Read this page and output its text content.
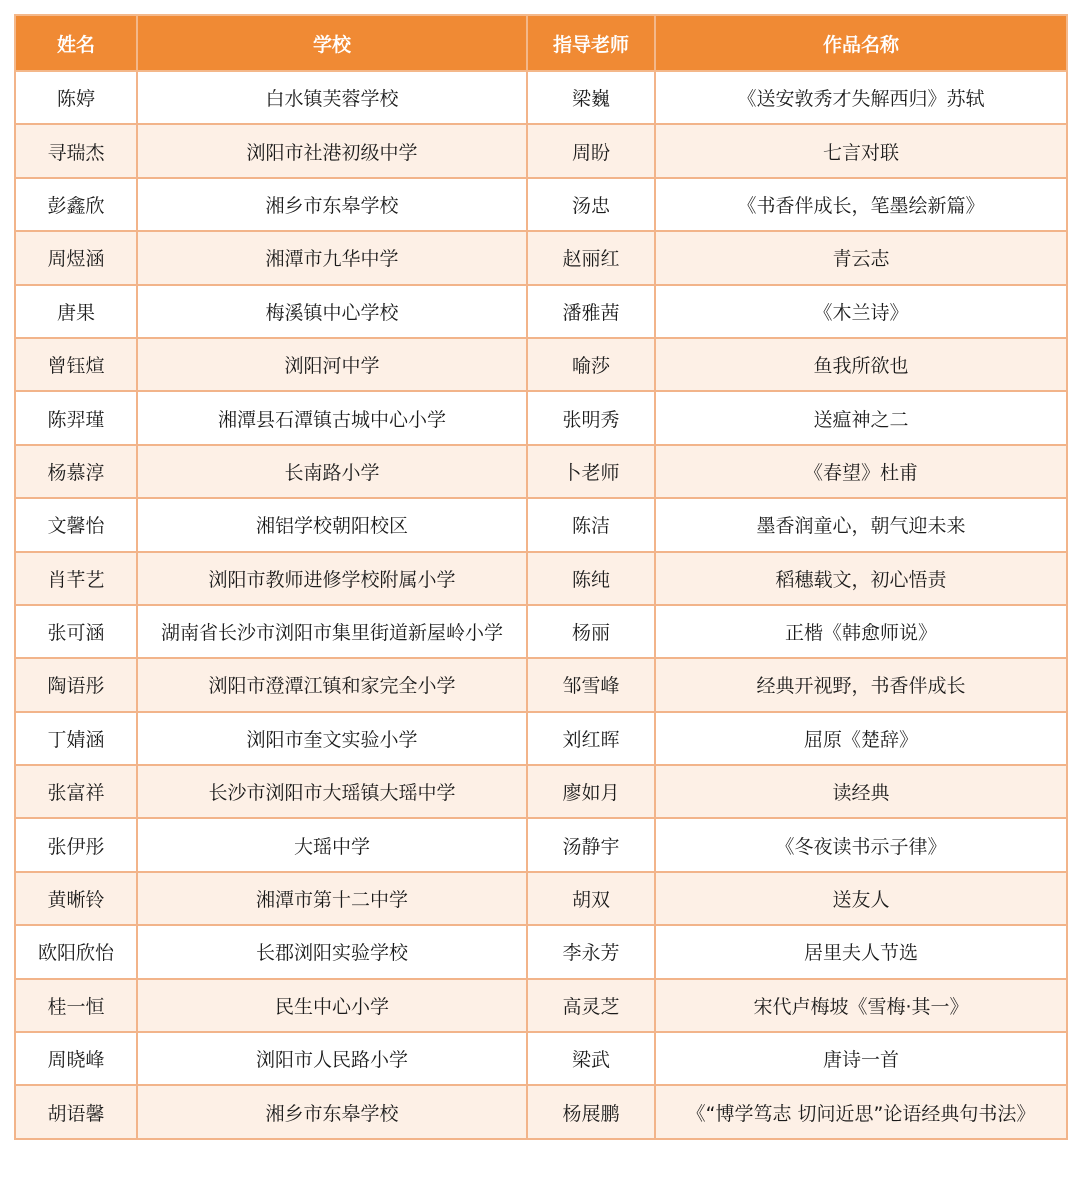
姓名	学校	指导老师	作品名称
陈婷	白水镇芙蓉学校	梁巍	《送安敦秀才失解西归》苏轼
寻瑞杰	浏阳市社港初级中学	周盼	七言对联
彭鑫欣	湘乡市东皋学校	汤忠	《书香伴成长，笔墨绘新篇》
周煜涵	湘潭市九华中学	赵丽红	青云志
唐果	梅溪镇中心学校	潘雅茜	《木兰诗》
曾钰煊	浏阳河中学	喻莎	鱼我所欲也
陈羿瑾	湘潭县石潭镇古城中心小学	张明秀	送瘟神之二
杨慕淳	长南路小学	卜老师	《春望》杜甫
文馨怡	湘铝学校朝阳校区	陈洁	墨香润童心，朝气迎未来
肖芊艺	浏阳市教师进修学校附属小学	陈纯	稻穗载文，初心悟责
张可涵	湖南省长沙市浏阳市集里街道新屋岭小学	杨丽	正楷《韩愈师说》
陶语彤	浏阳市澄潭江镇和家完全小学	邹雪峰	经典开视野，书香伴成长
丁婧涵	浏阳市奎文实验小学	刘红晖	屈原《楚辞》
张富祥	长沙市浏阳市大瑶镇大瑶中学	廖如月	读经典
张伊彤	大瑶中学	汤静宇	《冬夜读书示子律》
黄晰铃	湘潭市第十二中学	胡双	送友人
欧阳欣怡	长郡浏阳实验学校	李永芳	居里夫人节选
桂一恒	民生中心小学	高灵芝	宋代卢梅坡《雪梅·其一》
周晓峰	浏阳市人民路小学	梁武	唐诗一首
胡语馨	湘乡市东皋学校	杨展鹏	《“博学笃志 切问近思”论语经典句书法》
